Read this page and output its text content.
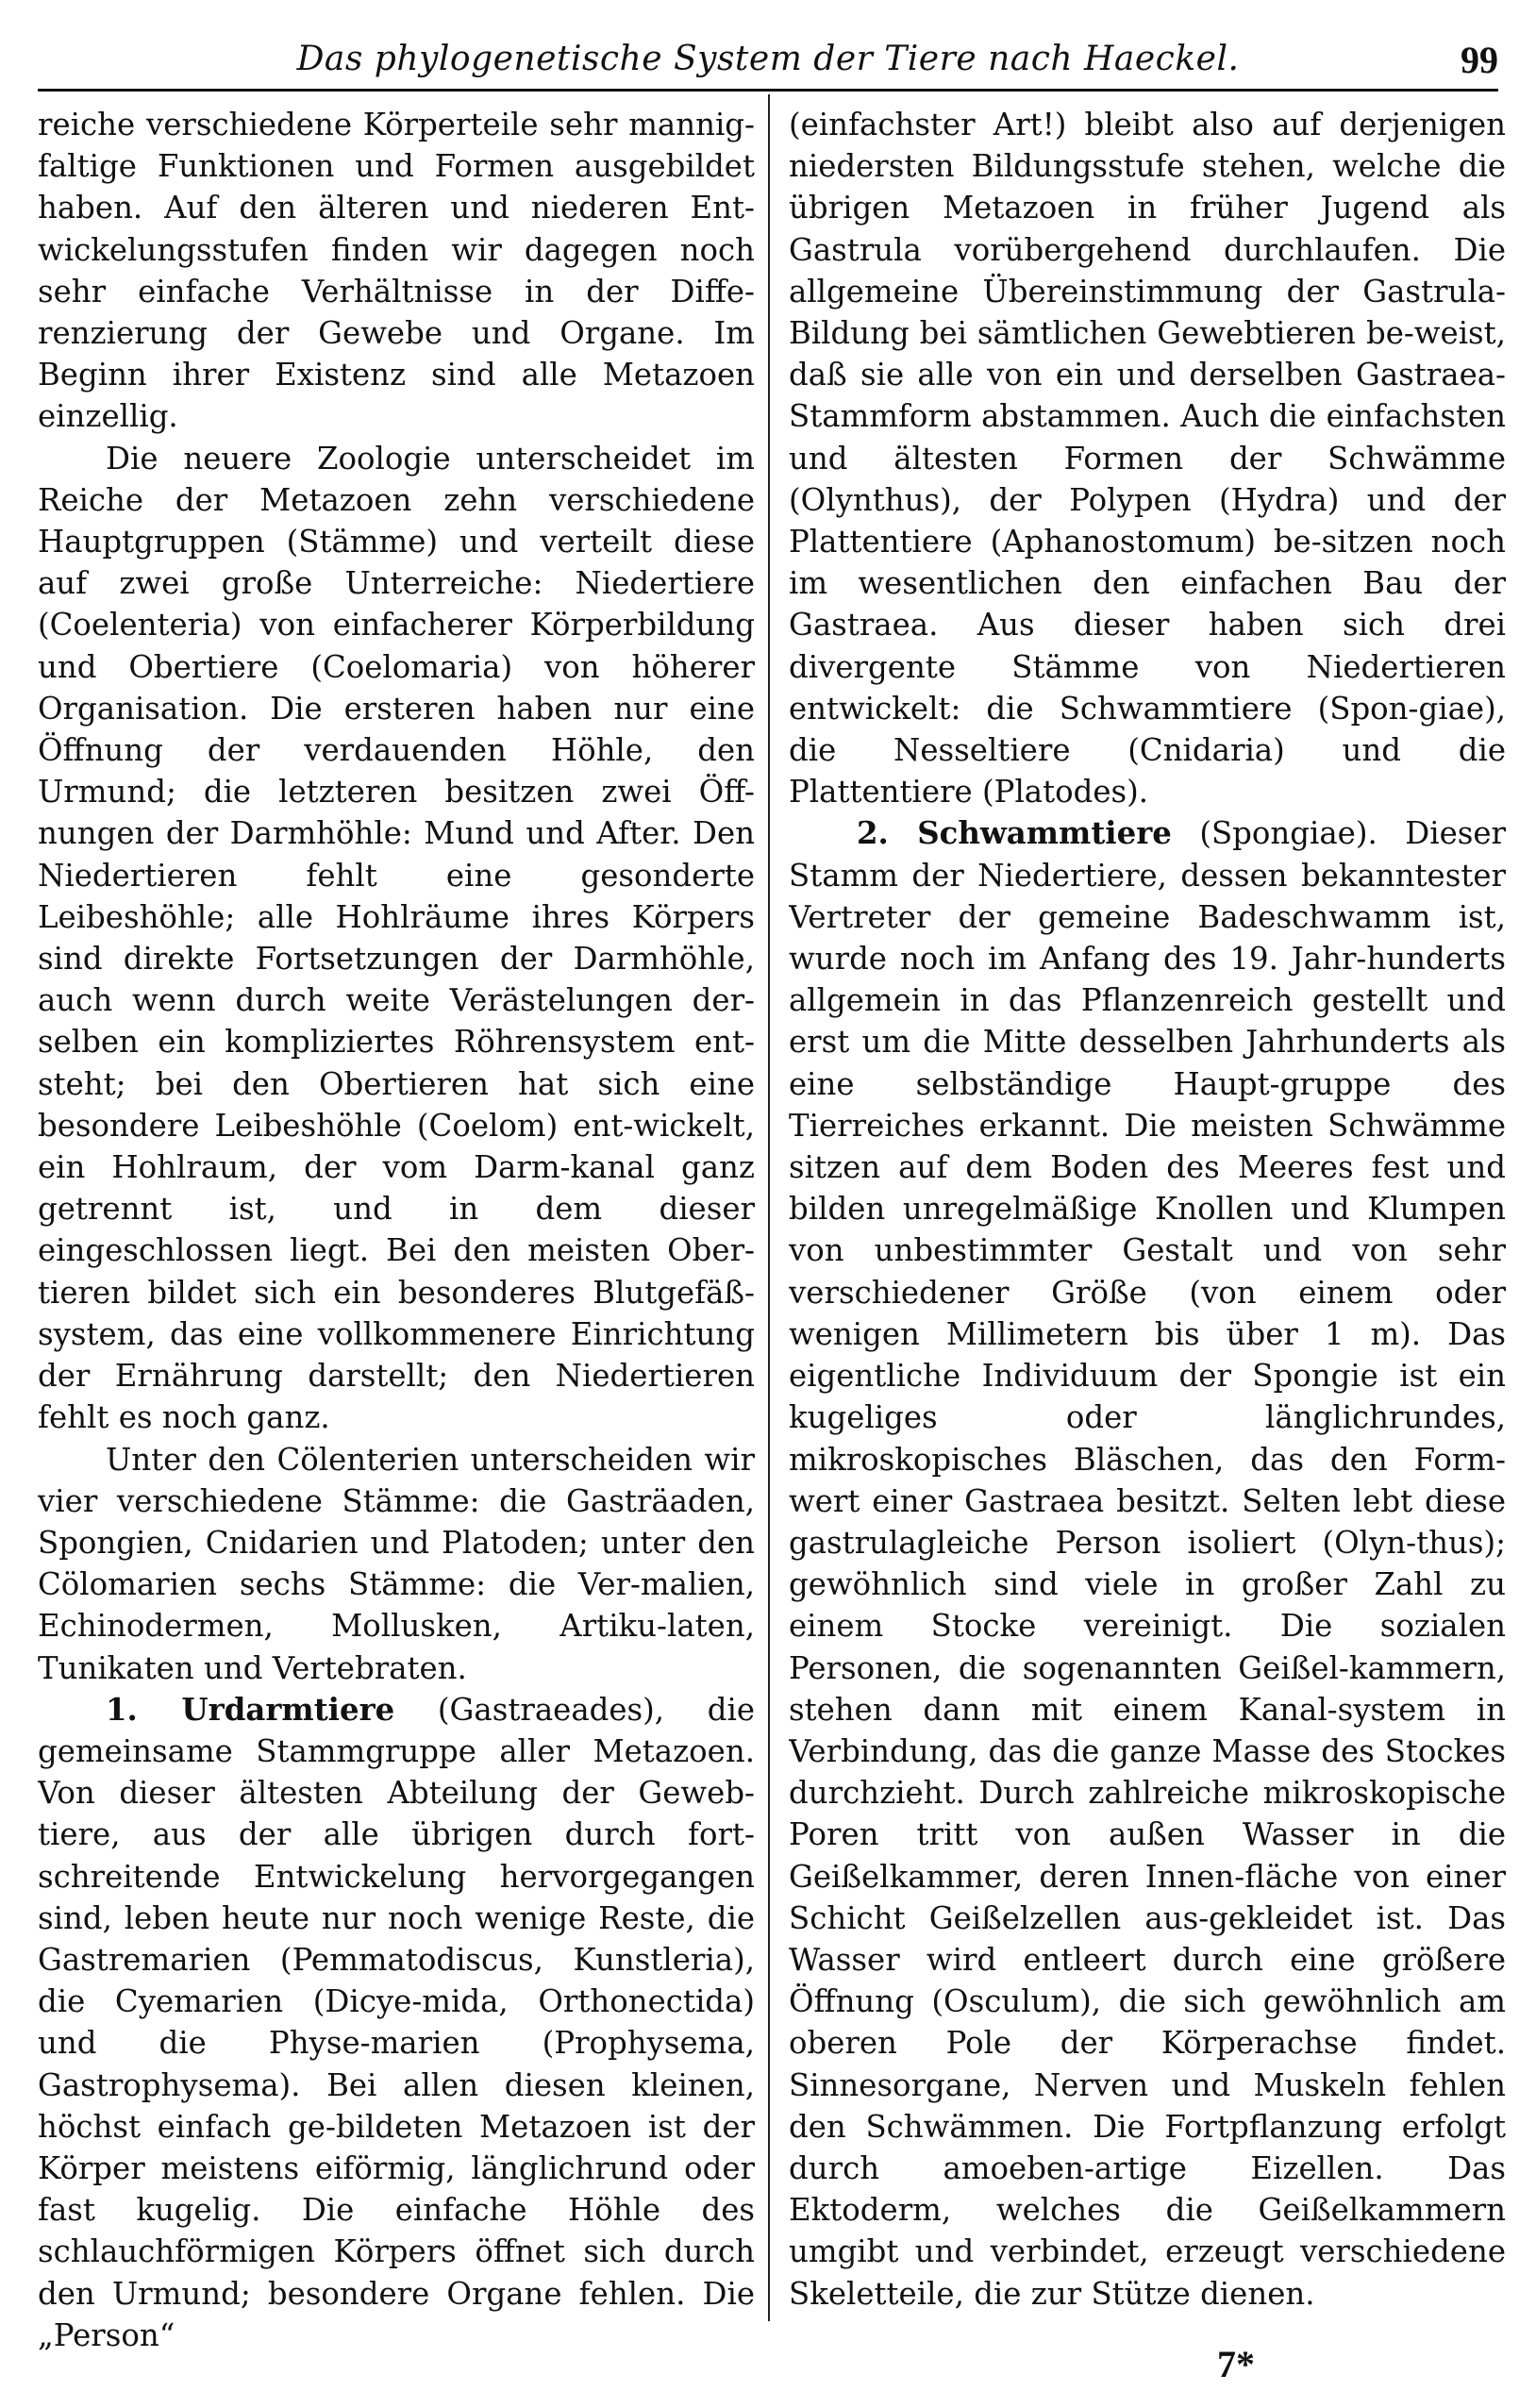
Das phylogenetische System der Tiere nach Haeckel.	99

reiche verschiedene Körperteile sehr mannig-faltige Funktionen und Formen ausgebildet haben. Auf den älteren und niederen Ent-wickelungsstufen finden wir dagegen noch sehr einfache Verhältnisse in der Diffe-renzierung der Gewebe und Organe. Im Beginn ihrer Existenz sind alle Metazoen einzellig.

Die neuere Zoologie unterscheidet im Reiche der Metazoen zehn verschiedene Hauptgruppen (Stämme) und verteilt diese auf zwei große Unterreiche: Niedertiere (Coelenteria) von einfacherer Körperbildung und Obertiere (Coelomaria) von höherer Organisation. Die ersteren haben nur eine Öffnung der verdauenden Höhle, den Urmund; die letzteren besitzen zwei Öff-nungen der Darmhöhle: Mund und After. Den Niedertieren fehlt eine gesonderte Leibeshöhle; alle Hohlräume ihres Körpers sind direkte Fortsetzungen der Darmhöhle, auch wenn durch weite Verästelungen der-selben ein kompliziertes Röhrensystem ent-steht; bei den Obertieren hat sich eine besondere Leibeshöhle (Coelom) ent-wickelt, ein Hohlraum, der vom Darm-kanal ganz getrennt ist, und in dem dieser eingeschlossen liegt. Bei den meisten Ober-tieren bildet sich ein besonderes Blutgefäß-system, das eine vollkommenere Einrichtung der Ernährung darstellt; den Niedertieren fehlt es noch ganz.

Unter den Cölenterien unterscheiden wir vier verschiedene Stämme: die Gasträaden, Spongien, Cnidarien und Platoden; unter den Cölomarien sechs Stämme: die Ver-malien, Echinodermen, Mollusken, Artiku-laten, Tunikaten und Vertebraten.

1. Urdarmtiere (Gastraeades), die gemeinsame Stammgruppe aller Metazoen. Von dieser ältesten Abteilung der Geweb-tiere, aus der alle übrigen durch fort-schreitende Entwickelung hervorgegangen sind, leben heute nur noch wenige Reste, die Gastremarien (Pemmatodiscus, Kunstleria), die Cyemarien (Dicye-mida, Orthonectida) und die Physe-marien (Prophysema, Gastrophysema). Bei allen diesen kleinen, höchst einfach ge-bildeten Metazoen ist der Körper meistens eiförmig, länglichrund oder fast kugelig. Die einfache Höhle des schlauchförmigen Körpers öffnet sich durch den Urmund; besondere Organe fehlen. Die „Person“

(einfachster Art!) bleibt also auf derjenigen niedersten Bildungsstufe stehen, welche die übrigen Metazoen in früher Jugend als Gastrula vorübergehend durchlaufen. Die allgemeine Übereinstimmung der Gastrula-Bildung bei sämtlichen Gewebtieren be-weist, daß sie alle von ein und derselben Gastraea-Stammform abstammen. Auch die einfachsten und ältesten Formen der Schwämme (Olynthus), der Polypen (Hydra) und der Plattentiere (Aphanostomum) be-sitzen noch im wesentlichen den einfachen Bau der Gastraea. Aus dieser haben sich drei divergente Stämme von Niedertieren entwickelt: die Schwammtiere (Spon-giae), die Nesseltiere (Cnidaria) und die Plattentiere (Platodes).

2. Schwammtiere (Spongiae). Dieser Stamm der Niedertiere, dessen bekanntester Vertreter der gemeine Badeschwamm ist, wurde noch im Anfang des 19. Jahr-hunderts allgemein in das Pflanzenreich gestellt und erst um die Mitte desselben Jahrhunderts als eine selbständige Haupt-gruppe des Tierreiches erkannt. Die meisten Schwämme sitzen auf dem Boden des Meeres fest und bilden unregelmäßige Knollen und Klumpen von unbestimmter Gestalt und von sehr verschiedener Größe (von einem oder wenigen Millimetern bis über 1 m). Das eigentliche Individuum der Spongie ist ein kugeliges oder länglichrundes, mikroskopisches Bläschen, das den Form-wert einer Gastraea besitzt. Selten lebt diese gastrulagleiche Person isoliert (Olyn-thus); gewöhnlich sind viele in großer Zahl zu einem Stocke vereinigt. Die sozialen Personen, die sogenannten Geißel-kammern, stehen dann mit einem Kanal-system in Verbindung, das die ganze Masse des Stockes durchzieht. Durch zahlreiche mikroskopische Poren tritt von außen Wasser in die Geißelkammer, deren Innen-fläche von einer Schicht Geißelzellen aus-gekleidet ist. Das Wasser wird entleert durch eine größere Öffnung (Osculum), die sich gewöhnlich am oberen Pole der Körperachse findet. Sinnesorgane, Nerven und Muskeln fehlen den Schwämmen. Die Fortpflanzung erfolgt durch amoeben-artige Eizellen. Das Ektoderm, welches die Geißelkammern umgibt und verbindet, erzeugt verschiedene Skeletteile, die zur Stütze dienen.

7*
